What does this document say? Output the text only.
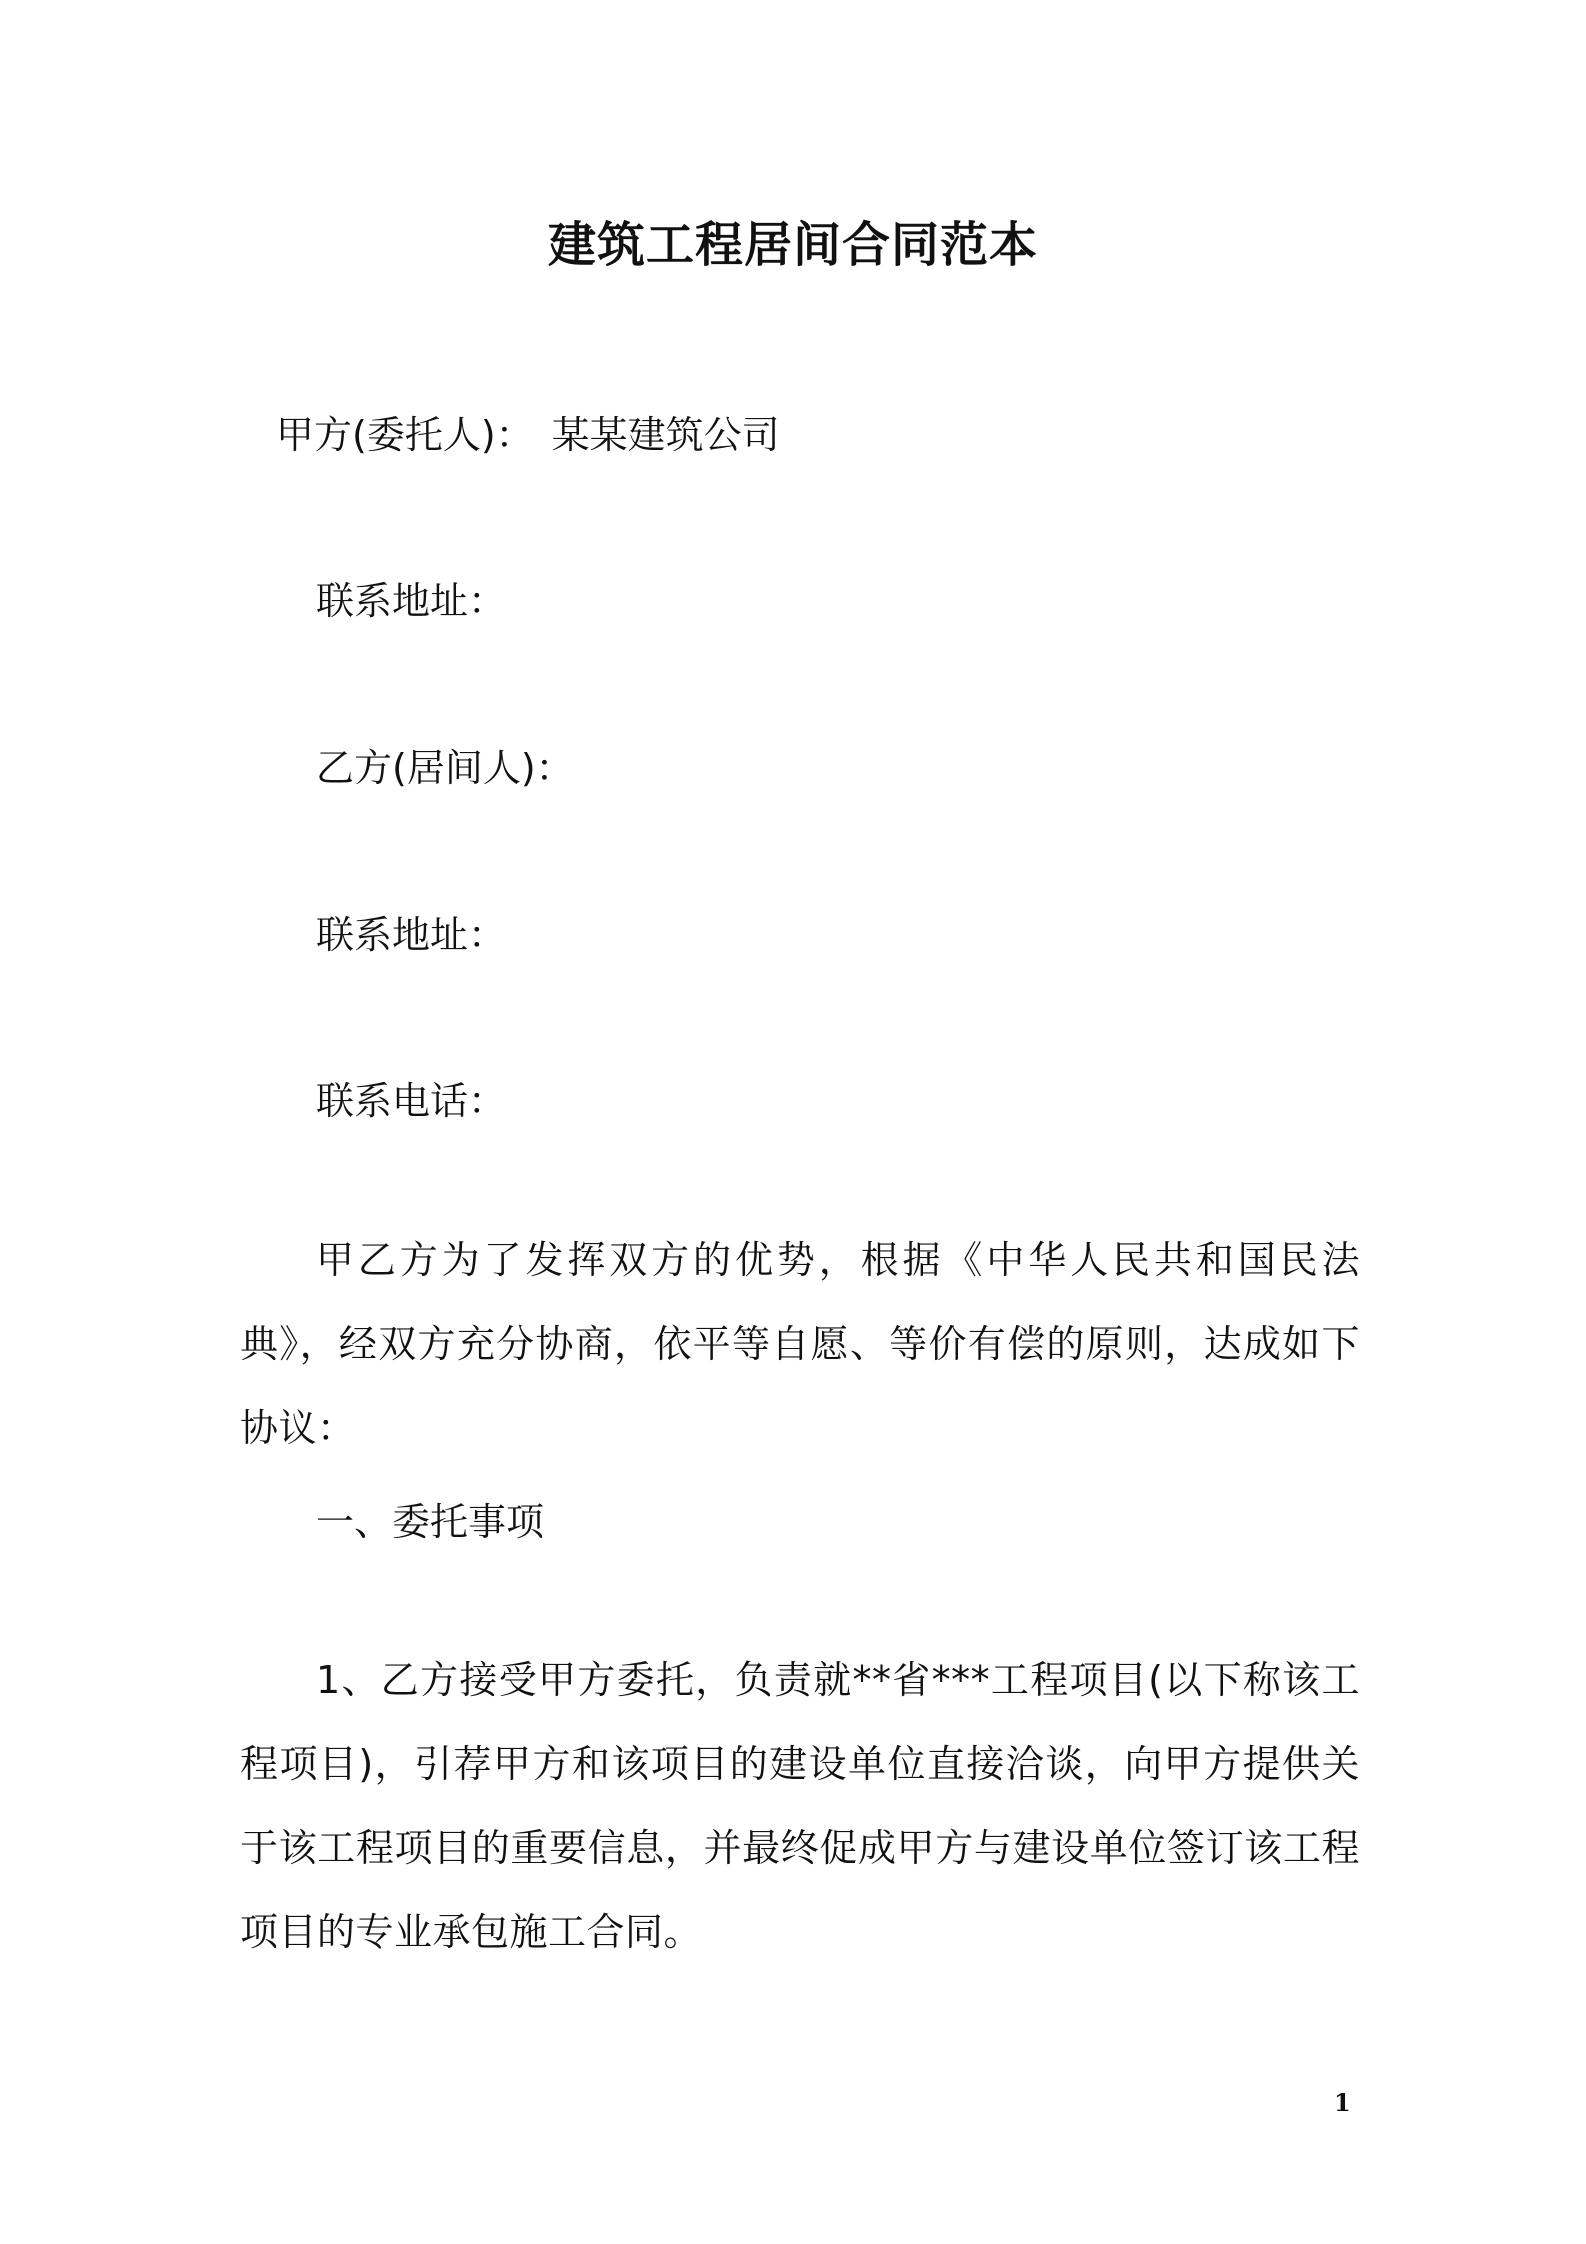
建筑工程居间合同范本
甲方(委托人)： 某某建筑公司
联系地址：
乙方(居间人)：
联系地址：
联系电话：
甲乙方为了发挥双方的优势，根据《中华人民共和国民法典》，经双方充分协商，依平等自愿、等价有偿的原则，达成如下协议：
一、委托事项
1、乙方接受甲方委托，负责就**省***工程项目(以下称该工程项目)，引荐甲方和该项目的建设单位直接洽谈，向甲方提供关于该工程项目的重要信息，并最终促成甲方与建设单位签订该工程项目的专业承包施工合同。
1
